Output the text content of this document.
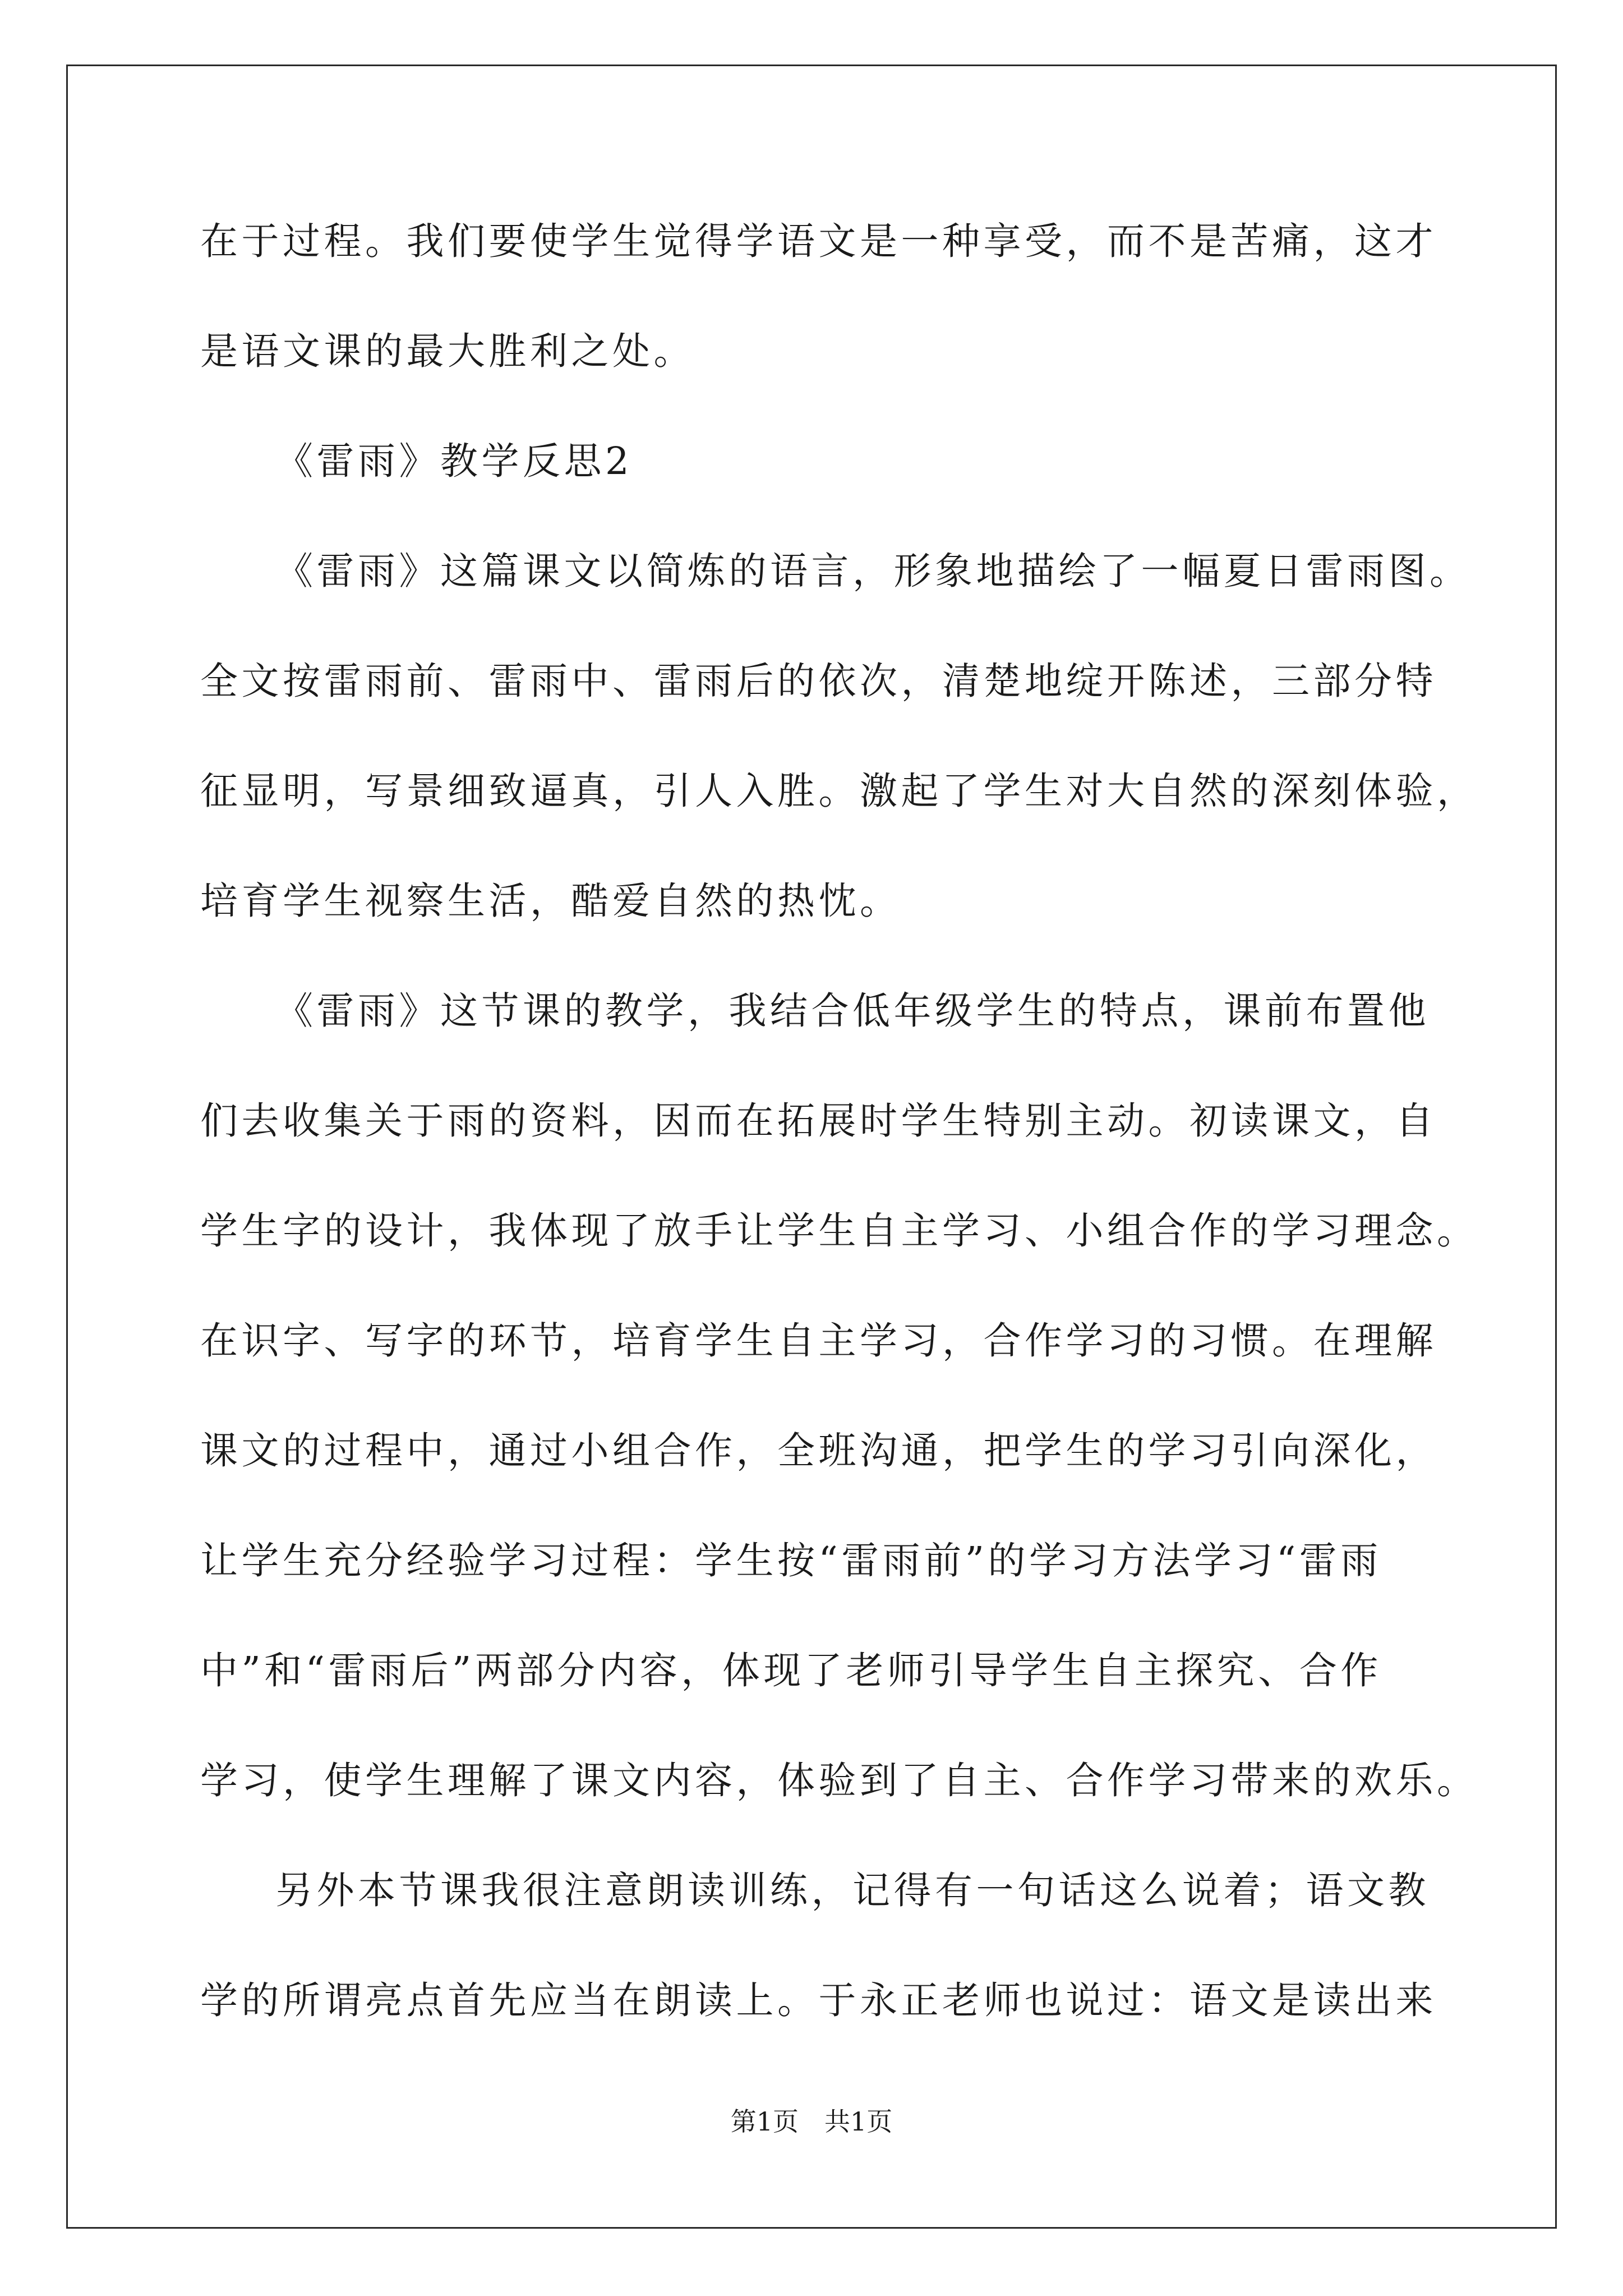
在于过程。我们要使学生觉得学语文是一种享受，而不是苦痛，这才
是语文课的最大胜利之处。
《雷雨》教学反思2
《雷雨》这篇课文以简炼的语言，形象地描绘了一幅夏日雷雨图。
全文按雷雨前、雷雨中、雷雨后的依次，清楚地绽开陈述，三部分特
征显明，写景细致逼真，引人入胜。激起了学生对大自然的深刻体验，
培育学生视察生活，酷爱自然的热忱。
《雷雨》这节课的教学，我结合低年级学生的特点，课前布置他
们去收集关于雨的资料，因而在拓展时学生特别主动。初读课文，自
学生字的设计，我体现了放手让学生自主学习、小组合作的学习理念。
在识字、写字的环节，培育学生自主学习，合作学习的习惯。在理解
课文的过程中，通过小组合作，全班沟通，把学生的学习引向深化，
让学生充分经验学习过程：学生按“雷雨前”的学习方法学习“雷雨
中”和“雷雨后”两部分内容，体现了老师引导学生自主探究、合作
学习，使学生理解了课文内容，体验到了自主、合作学习带来的欢乐。
另外本节课我很注意朗读训练，记得有一句话这么说着；语文教
学的所谓亮点首先应当在朗读上。于永正老师也说过：语文是读出来
第1页　共1页
